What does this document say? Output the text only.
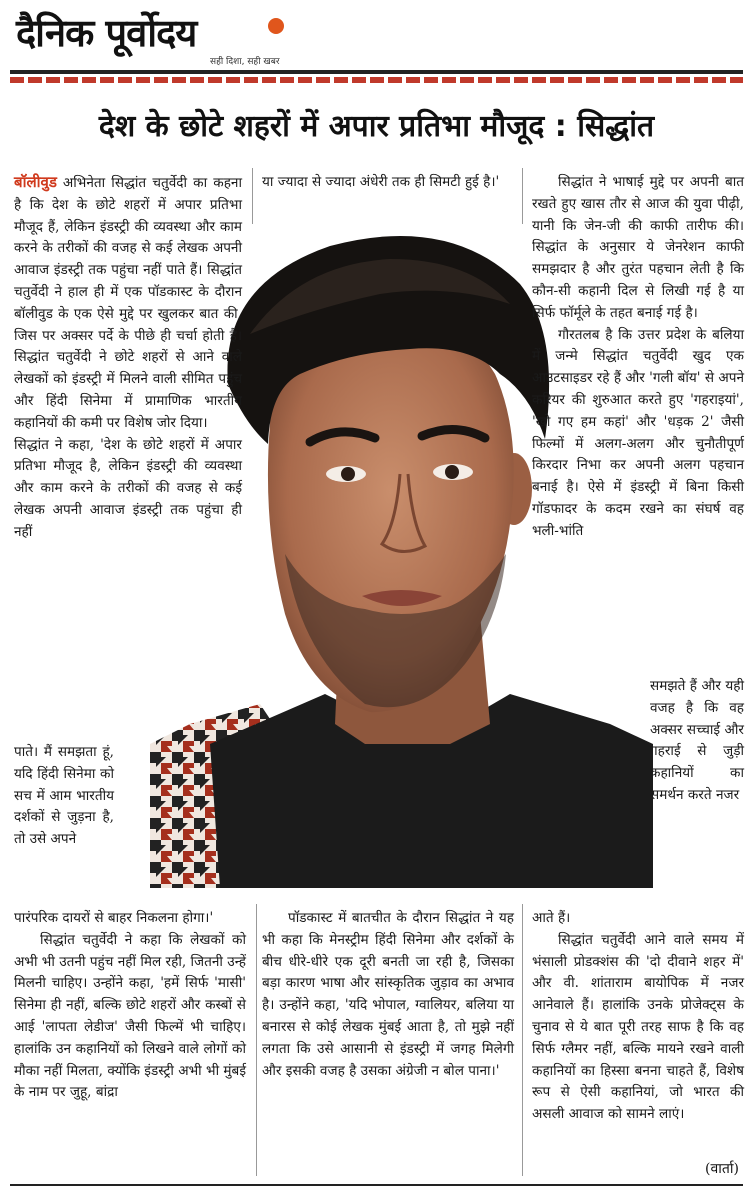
दैनिक पूर्वोदय
सही दिशा, सही खबर
देश के छोटे शहरों में अपार प्रतिभा मौजूद : सिद्धांत

बॉलीवुड अभिनेता सिद्धांत चतुर्वेदी का कहना है कि देश के छोटे शहरों में अपार प्रतिभा मौजूद हैं, लेकिन इंडस्ट्री की व्यवस्था और काम करने के तरीकों की वजह से कई लेखक अपनी आवाज इंडस्ट्री तक पहुंचा नहीं पाते हैं। सिद्धांत चतुर्वेदी ने हाल ही में एक पॉडकास्ट के दौरान बॉलीवुड के एक ऐसे मुद्दे पर खुलकर बात की, जिस पर अक्सर पर्दे के पीछे ही चर्चा होती है। सिद्धांत चतुर्वेदी ने छोटे शहरों से आने वाले लेखकों को इंडस्ट्री में मिलने वाली सीमित पहुंच और हिंदी सिनेमा में प्रामाणिक भारतीय कहानियों की कमी पर विशेष जोर दिया।

सिद्धांत ने कहा, 'देश के छोटे शहरों में अपार प्रतिभा मौजूद है, लेकिन इंडस्ट्री की व्यवस्था और काम करने के तरीकों की वजह से कई लेखक अपनी आवाज इंडस्ट्री तक पहुंचा ही नहीं

पाते। मैं समझता हूं, यदि हिंदी सिनेमा को सच में आम भारतीय दर्शकों से जुड़ना है, तो उसे अपने

पारंपरिक दायरों से बाहर निकलना होगा।'

सिद्धांत चतुर्वेदी ने कहा कि लेखकों को अभी भी उतनी पहुंच नहीं मिल रही, जितनी उन्हें मिलनी चाहिए। उन्होंने कहा, 'हमें सिर्फ 'मासी' सिनेमा ही नहीं, बल्कि छोटे शहरों और कस्बों से आई 'लापता लेडीज' जैसी फिल्में भी चाहिए। हालांकि उन कहानियों को लिखने वाले लोगों को मौका नहीं मिलता, क्योंकि इंडस्ट्री अभी भी मुंबई के नाम पर जुहू, बांद्रा

या ज्यादा से ज्यादा अंधेरी तक ही सिमटी हुई है।'

पॉडकास्ट में बातचीत के दौरान सिद्धांत ने यह भी कहा कि मेनस्ट्रीम हिंदी सिनेमा और दर्शकों के बीच धीरे-धीरे एक दूरी बनती जा रही है, जिसका बड़ा कारण भाषा और सांस्कृतिक जुड़ाव का अभाव है। उन्होंने कहा, 'यदि भोपाल, ग्वालियर, बलिया या बनारस से कोई लेखक मुंबई आता है, तो मुझे नहीं लगता कि उसे आसानी से इंडस्ट्री में जगह मिलेगी और इसकी वजह है उसका अंग्रेजी न बोल पाना।'

सिद्धांत ने भाषाई मुद्दे पर अपनी बात रखते हुए खास तौर से आज की युवा पीढ़ी, यानी कि जेन-जी की काफी तारीफ की। सिद्धांत के अनुसार ये जेनरेशन काफी समझदार है और तुरंत पहचान लेती है कि कौन-सी कहानी दिल से लिखी गई है या सिर्फ फॉर्मूले के तहत बनाई गई है।

गौरतलब है कि उत्तर प्रदेश के बलिया में जन्मे सिद्धांत चतुर्वेदी खुद एक आउटसाइडर रहे हैं और 'गली बॉय' से अपने करियर की शुरुआत करते हुए 'गहराइयां', 'खो गए हम कहां' और 'धड़क 2' जैसी फिल्मों में अलग-अलग और चुनौतीपूर्ण किरदार निभा कर अपनी अलग पहचान बनाई है। ऐसे में इंडस्ट्री में बिना किसी गॉडफादर के कदम रखने का संघर्ष वह भली-भांति

समझते हैं और यही वजह है कि वह अक्सर सच्चाई और गहराई से जुड़ी कहानियों का समर्थन करते नजर

आते हैं।

सिद्धांत चतुर्वेदी आने वाले समय में भंसाली प्रोडक्शंस की 'दो दीवाने शहर में' और वी. शांताराम बायोपिक में नजर आनेवाले हैं। हालांकि उनके प्रोजेक्ट्स के चुनाव से ये बात पूरी तरह साफ है कि वह सिर्फ ग्लैमर नहीं, बल्कि मायने रखने वाली कहानियों का हिस्सा बनना चाहते हैं, विशेष रूप से ऐसी कहानियां, जो भारत की असली आवाज को सामने लाएं।

(वार्ता)
